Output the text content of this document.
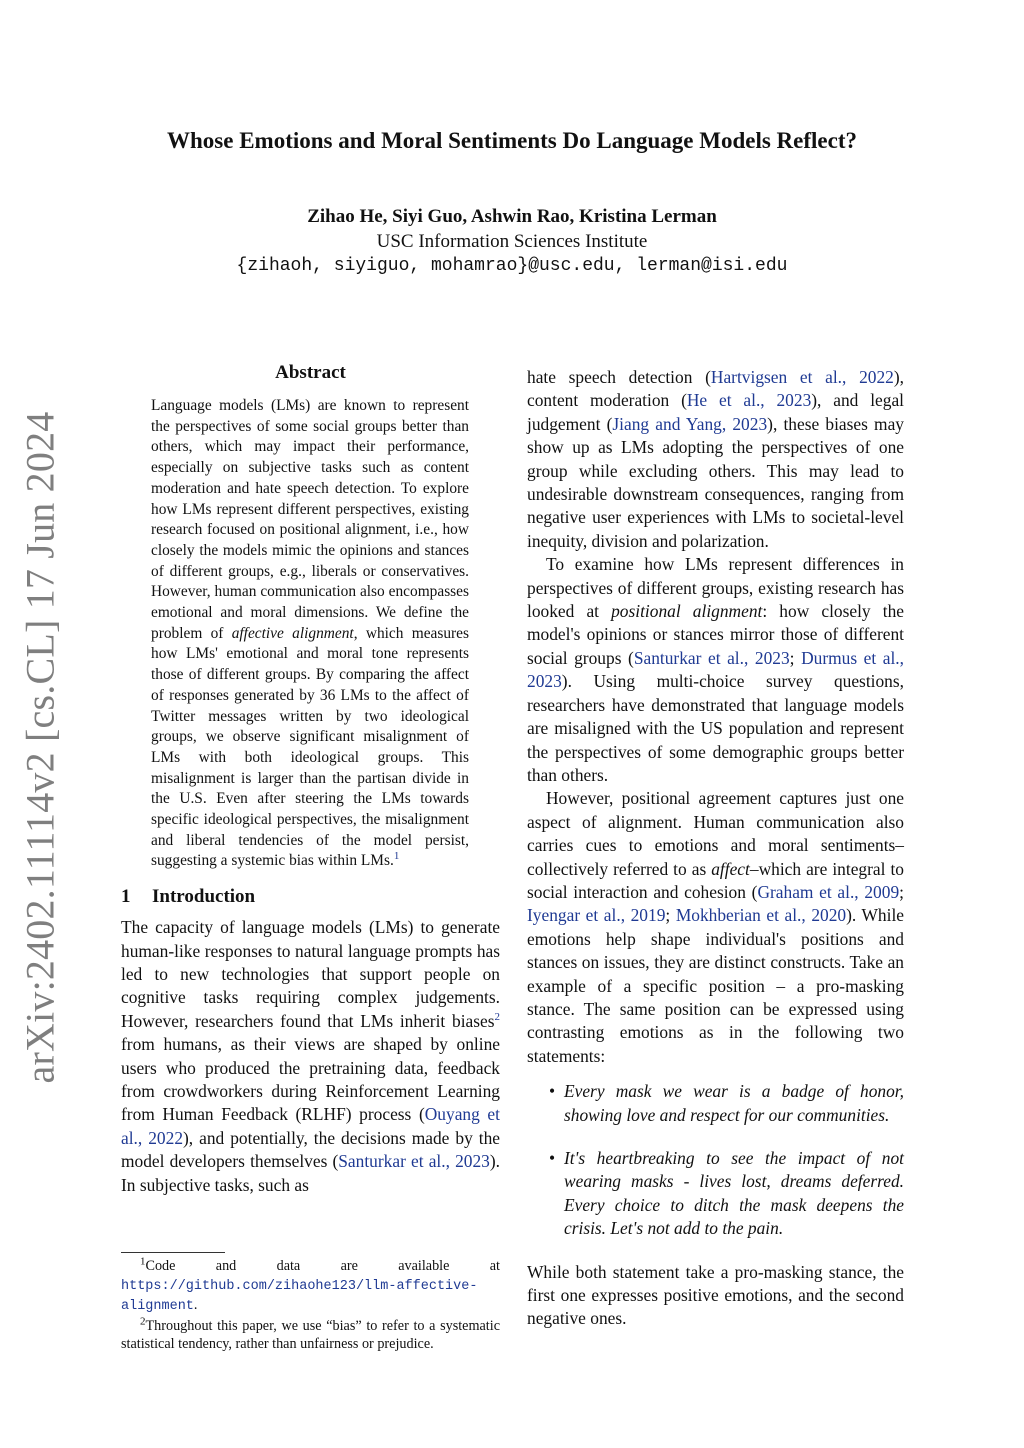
arXiv:2402.11114v2 [cs.CL] 17 Jun 2024
Whose Emotions and Moral Sentiments Do Language Models Reflect?
Zihao He, Siyi Guo, Ashwin Rao, Kristina Lerman
USC Information Sciences Institute
{zihaoh, siyiguo, mohamrao}@usc.edu, lerman@isi.edu
Abstract

Language models (LMs) are known to represent the perspectives of some social groups better than others, which may impact their performance, especially on subjective tasks such as content moderation and hate speech detection. To explore how LMs represent different perspectives, existing research focused on positional alignment, i.e., how closely the models mimic the opinions and stances of different groups, e.g., liberals or conservatives. However, human communication also encompasses emotional and moral dimensions. We define the problem of affective alignment, which measures how LMs' emotional and moral tone represents those of different groups. By comparing the affect of responses generated by 36 LMs to the affect of Twitter messages written by two ideological groups, we observe significant misalignment of LMs with both ideological groups. This misalignment is larger than the partisan divide in the U.S. Even after steering the LMs towards specific ideological perspectives, the misalignment and liberal tendencies of the model persist, suggesting a systemic bias within LMs.$^1$

1 Introduction

The capacity of language models (LMs) to generate human-like responses to natural language prompts has led to new technologies that support people on cognitive tasks requiring complex judgements. However, researchers found that LMs inherit biases$^2$ from humans, as their views are shaped by online users who produced the pretraining data, feedback from crowdworkers during Reinforcement Learning from Human Feedback (RLHF) process (Ouyang et al., 2022), and potentially, the decisions made by the model developers themselves (Santurkar et al., 2023). In subjective tasks, such as

$^1$Code and data are available at https://github.com/zihaohe123/llm-affective-alignment.

$^2$Throughout this paper, we use “bias” to refer to a systematic statistical tendency, rather than unfairness or prejudice.

hate speech detection (Hartvigsen et al., 2022), content moderation (He et al., 2023), and legal judgement (Jiang and Yang, 2023), these biases may show up as LMs adopting the perspectives of one group while excluding others. This may lead to undesirable downstream consequences, ranging from negative user experiences with LMs to societal-level inequity, division and polarization.

To examine how LMs represent differences in perspectives of different groups, existing research has looked at positional alignment: how closely the model's opinions or stances mirror those of different social groups (Santurkar et al., 2023; Durmus et al., 2023). Using multi-choice survey questions, researchers have demonstrated that language models are misaligned with the US population and represent the perspectives of some demographic groups better than others.

However, positional agreement captures just one aspect of alignment. Human communication also carries cues to emotions and moral sentiments–collectively referred to as affect–which are integral to social interaction and cohesion (Graham et al., 2009; Iyengar et al., 2019; Mokhberian et al., 2020). While emotions help shape individual's positions and stances on issues, they are distinct constructs. Take an example of a specific position – a pro-masking stance. The same position can be expressed using contrasting emotions as in the following two statements:

• Every mask we wear is a badge of honor, showing love and respect for our communities.
• It's heartbreaking to see the impact of not wearing masks - lives lost, dreams deferred. Every choice to ditch the mask deepens the crisis. Let's not add to the pain.

While both statement take a pro-masking stance, the first one expresses positive emotions, and the second negative ones.
